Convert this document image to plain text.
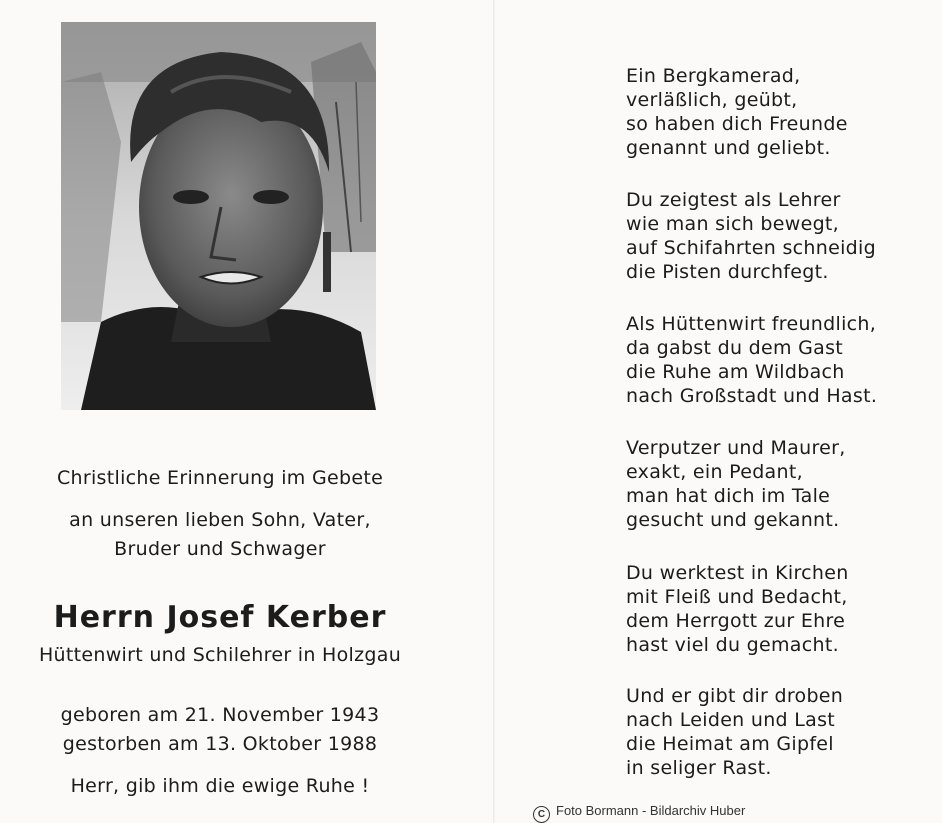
Christliche Erinnerung im Gebete
an unseren lieben Sohn, Vater,
Bruder und Schwager
Herrn Josef Kerber
Hüttenwirt und Schilehrer in Holzgau
geboren am 21. November 1943
gestorben am 13. Oktober 1988
Herr, gib ihm die ewige Ruhe !
Ein Bergkamerad,
verläßlich, geübt,
so haben dich Freunde
genannt und geliebt.
Du zeigtest als Lehrer
wie man sich bewegt,
auf Schifahrten schneidig
die Pisten durchfegt.
Als Hüttenwirt freundlich,
da gabst du dem Gast
die Ruhe am Wildbach
nach Großstadt und Hast.
Verputzer und Maurer,
exakt, ein Pedant,
man hat dich im Tale
gesucht und gekannt.
Du werktest in Kirchen
mit Fleiß und Bedacht,
dem Herrgott zur Ehre
hast viel du gemacht.
Und er gibt dir droben
nach Leiden und Last
die Heimat am Gipfel
in seliger Rast.
C Foto Bormann - Bildarchiv Huber
